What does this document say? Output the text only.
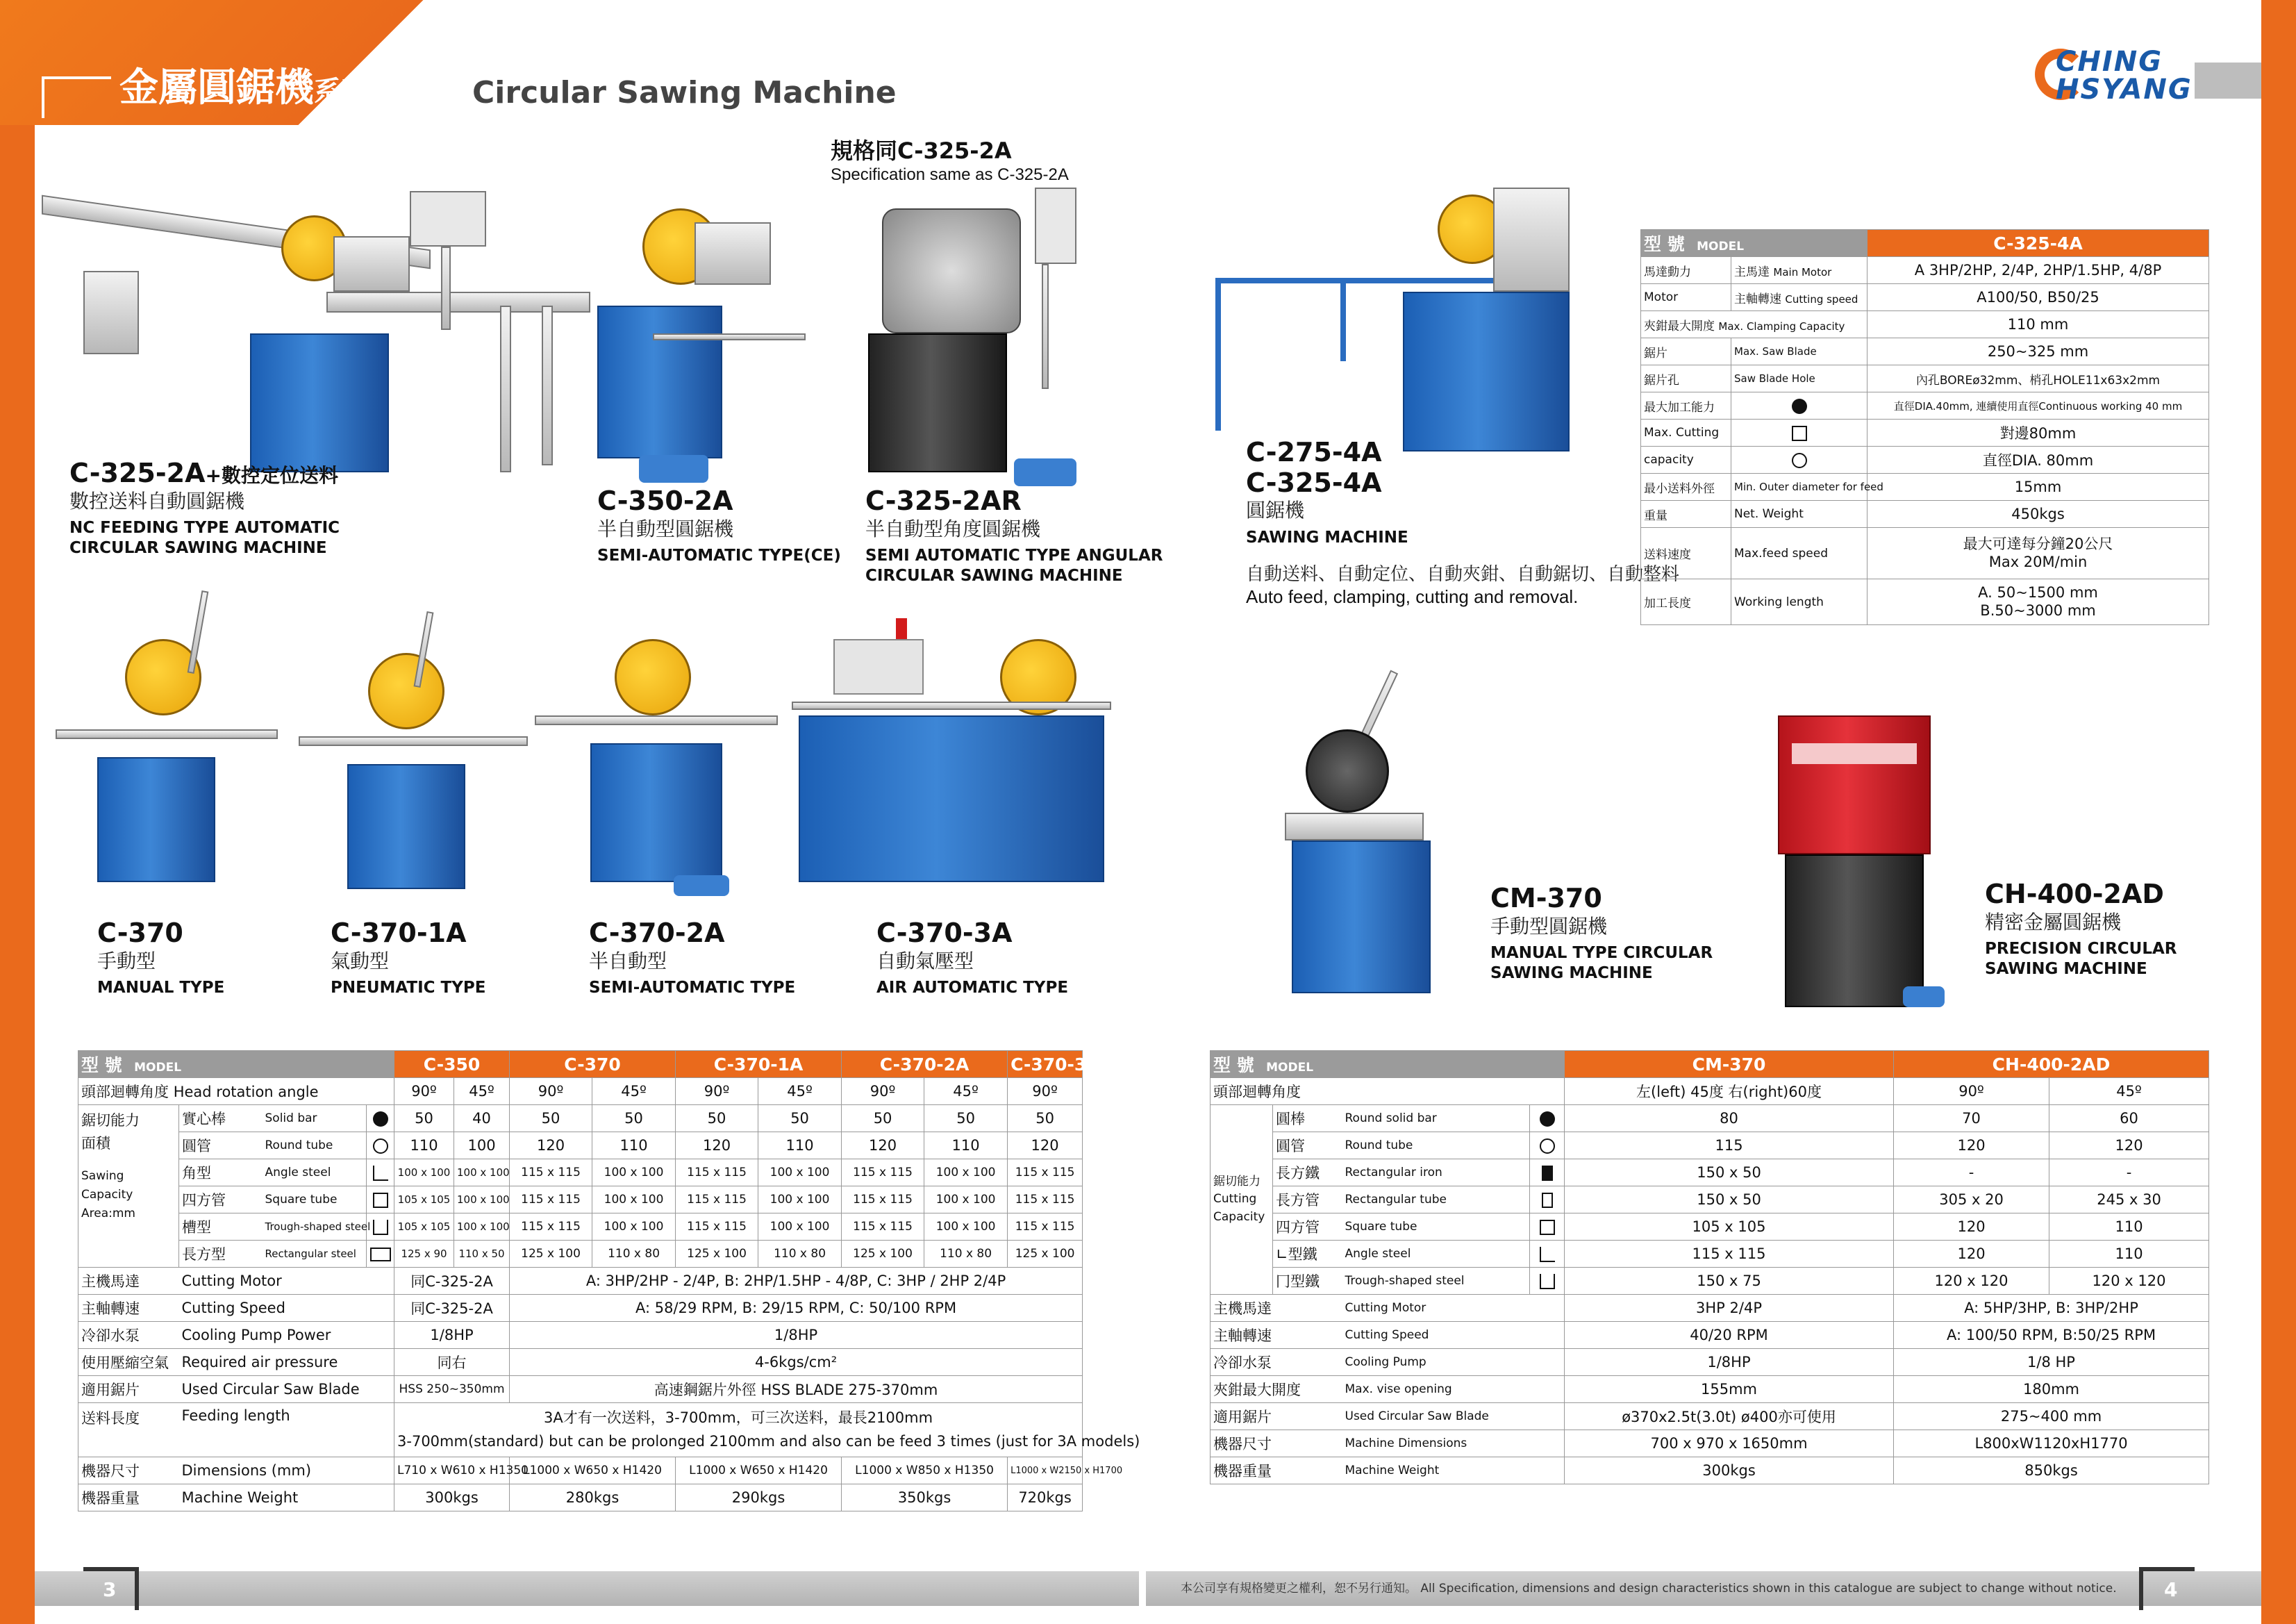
金屬圓鋸機系列	Circular Sawing Machine
CHING
HSYANG
C-325-2A+數控定位送料
數控送料自動圓鋸機
NC FEEDING TYPE AUTOMATIC
CIRCULAR SAWING MACHINE
C-350-2A
半自動型圓鋸機
SEMI-AUTOMATIC TYPE(CE)
規格同C-325-2A
Specification same as C-325-2A
C-325-2AR
半自動型角度圓鋸機
SEMI AUTOMATIC TYPE ANGULAR
CIRCULAR SAWING MACHINE
C-370
手動型
MANUAL TYPE
C-370-1A
氣動型
PNEUMATIC TYPE
C-370-2A
半自動型
SEMI-AUTOMATIC TYPE
C-370-3A
自動氣壓型
AIR AUTOMATIC TYPE
C-275-4A
C-325-4A
圓鋸機
SAWING MACHINE
自動送料、自動定位、自動夾鉗、自動鋸切、自動整料
Auto feed, clamping, cutting and removal.
型 號 MODEL		C-325-4A
馬達動力	主馬達 Main Motor	A 3HP/2HP, 2/4P, 2HP/1.5HP, 4/8P
Motor	主軸轉速 Cutting speed	A100/50, B50/25
夾鉗最大開度 Max. Clamping Capacity		110 mm
鋸片	Max. Saw Blade	250~325 mm
鋸片孔	Saw Blade Hole	內孔BOREø32mm、梢孔HOLE11x63x2mm
最大加工能力		直徑DIA.40mm, 連續使用直徑Continuous working 40 mm
Max. Cutting		對邊80mm
capacity		直徑DIA. 80mm
最小送料外徑	Min. Outer diameter for feed	15mm
重量	Net. Weight	450kgs
送料速度	Max.feed speed	最大可達每分鐘20公尺
Max 20M/min

加工長度	Working length	A. 50~1500 mm
B.50~3000 mm
CM-370
手動型圓鋸機
MANUAL TYPE CIRCULAR
SAWING MACHINE
CH-400-2AD
精密金屬圓鋸機
PRECISION CIRCULAR
SAWING MACHINE
型 號 MODEL				C-350		C-370		C-370-1A		C-370-2A		C-370-3A
頭部迴轉角度 Head rotation angle				90º	45º	90º	45º	90º	45º	90º	45º	90º

鋸切能力
面積
Sawing
Capacity
Area:mm	實心棒	Solid bar		50	40	50	50	50	50	50	50	50
	圓管	Round tube		110	100	120	110	120	110	120	110	120
	角型	Angle steel		100 x 100	100 x 100	115 x 115	100 x 100	115 x 115	100 x 100	115 x 115	100 x 100	115 x 115
	四方管	Square tube		105 x 105	100 x 100	115 x 115	100 x 100	115 x 115	100 x 100	115 x 115	100 x 100	115 x 115
	槽型	Trough-shaped steel		105 x 105	100 x 100	115 x 115	100 x 100	115 x 115	100 x 100	115 x 115	100 x 100	115 x 115
	長方型	Rectangular steel		125 x 90	110 x 50	125 x 100	110 x 80	125 x 100	110 x 80	125 x 100	110 x 80	125 x 100
主機馬達	Cutting Motor			同C-325-2A		A: 3HP/2HP - 2/4P, B: 2HP/1.5HP - 4/8P, C: 3HP / 2HP 2/4P						
主軸轉速	Cutting Speed			同C-325-2A		A: 58/29 RPM, B: 29/15 RPM, C: 50/100 RPM						
冷卻水泵	Cooling Pump Power			1/8HP		1/8HP						
使用壓縮空氣	Required air pressure			同右		4-6kgs/cm²						
適用鋸片	Used Circular Saw Blade			HSS 250~350mm		高速鋼鋸片外徑 HSS BLADE 275-370mm						
送料長度	Feeding length			3A才有一次送料，3-700mm，可三次送料，最長2100mm
3-700mm(standard) but can be prolonged 2100mm and also can be feed 3 times (just for 3A models)								

機器尺寸	Dimensions (mm)			L710 x W610 x H1350		L1000 x W650 x H1420		L1000 x W650 x H1420		L1000 x W850 x H1350		L1000 x W2150 x H1700
機器重量	Machine Weight			300kgs		280kgs		290kgs		350kgs		720kgs
型 號 MODEL				CM-370	CH-400-2AD	
頭部迴轉角度				左(left) 45度 右(right)60度	90º	45º

鋸切能力
Cutting
Capacity	圓棒	Round solid bar		80	70	60
	圓管	Round tube		115	120	120
	長方鐵	Rectangular iron		150 x 50	-	-
	長方管	Rectangular tube		150 x 50	305 x 20	245 x 30
	四方管	Square tube		105 x 105	120	110
	∟型鐵	Angle steel		115 x 115	120	110
	冂型鐵	Trough-shaped steel		150 x 75	120 x 120	120 x 120
主機馬達		Cutting Motor		3HP 2/4P	A: 5HP/3HP, B: 3HP/2HP	
主軸轉速		Cutting Speed		40/20 RPM	A: 100/50 RPM, B:50/25 RPM	
冷卻水泵		Cooling Pump		1/8HP	1/8 HP	
夾鉗最大開度		Max. vise opening		155mm	180mm	
適用鋸片		Used Circular Saw Blade		ø370x2.5t(3.0t) ø400亦可使用	275~400 mm	
機器尺寸		Machine Dimensions		700 x 970 x 1650mm	L800xW1120xH1770	
機器重量		Machine Weight		300kgs	850kgs	
3	4
本公司享有規格變更之權利，恕不另行通知。 All Specification, dimensions and design characteristics shown in this catalogue are subject to change without notice.
